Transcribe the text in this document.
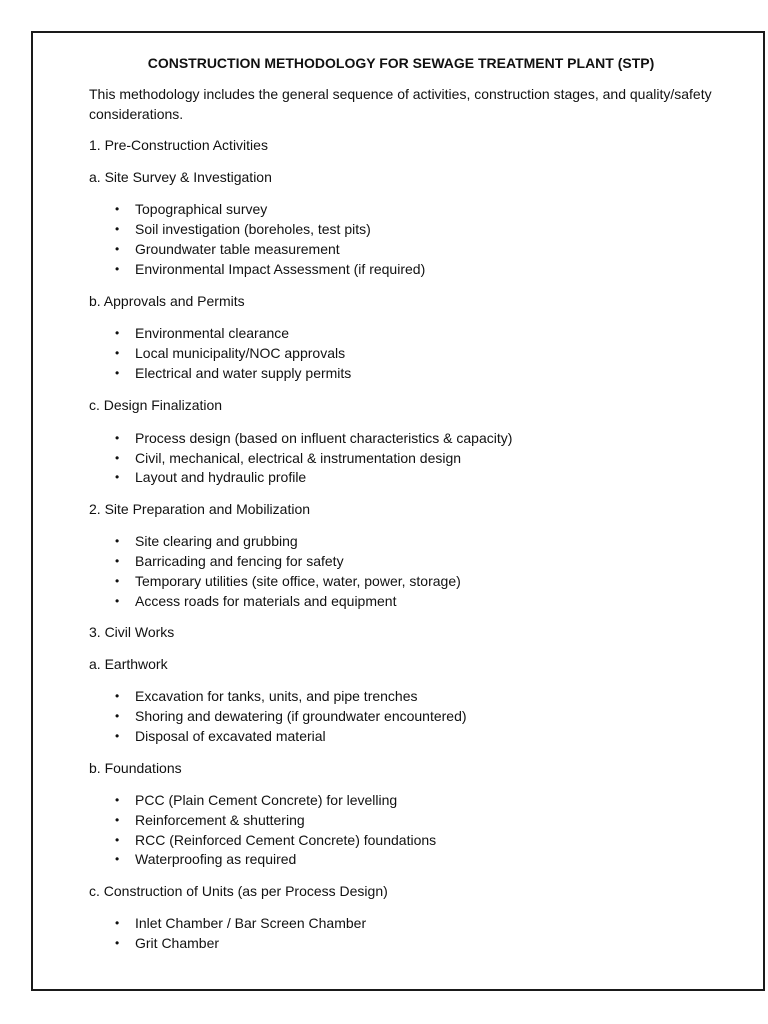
CONSTRUCTION METHODOLOGY FOR SEWAGE TREATMENT PLANT (STP)
This methodology includes the general sequence of activities, construction stages, and quality/safety
considerations.
1. Pre-Construction Activities
a. Site Survey & Investigation
• Topographical survey
• Soil investigation (boreholes, test pits)
• Groundwater table measurement
• Environmental Impact Assessment (if required)
b. Approvals and Permits
• Environmental clearance
• Local municipality/NOC approvals
• Electrical and water supply permits
c. Design Finalization
• Process design (based on influent characteristics & capacity)
• Civil, mechanical, electrical & instrumentation design
• Layout and hydraulic profile
2. Site Preparation and Mobilization
• Site clearing and grubbing
• Barricading and fencing for safety
• Temporary utilities (site office, water, power, storage)
• Access roads for materials and equipment
3. Civil Works
a. Earthwork
• Excavation for tanks, units, and pipe trenches
• Shoring and dewatering (if groundwater encountered)
• Disposal of excavated material
b. Foundations
• PCC (Plain Cement Concrete) for levelling
• Reinforcement & shuttering
• RCC (Reinforced Cement Concrete) foundations
• Waterproofing as required
c. Construction of Units (as per Process Design)
• Inlet Chamber / Bar Screen Chamber
• Grit Chamber
